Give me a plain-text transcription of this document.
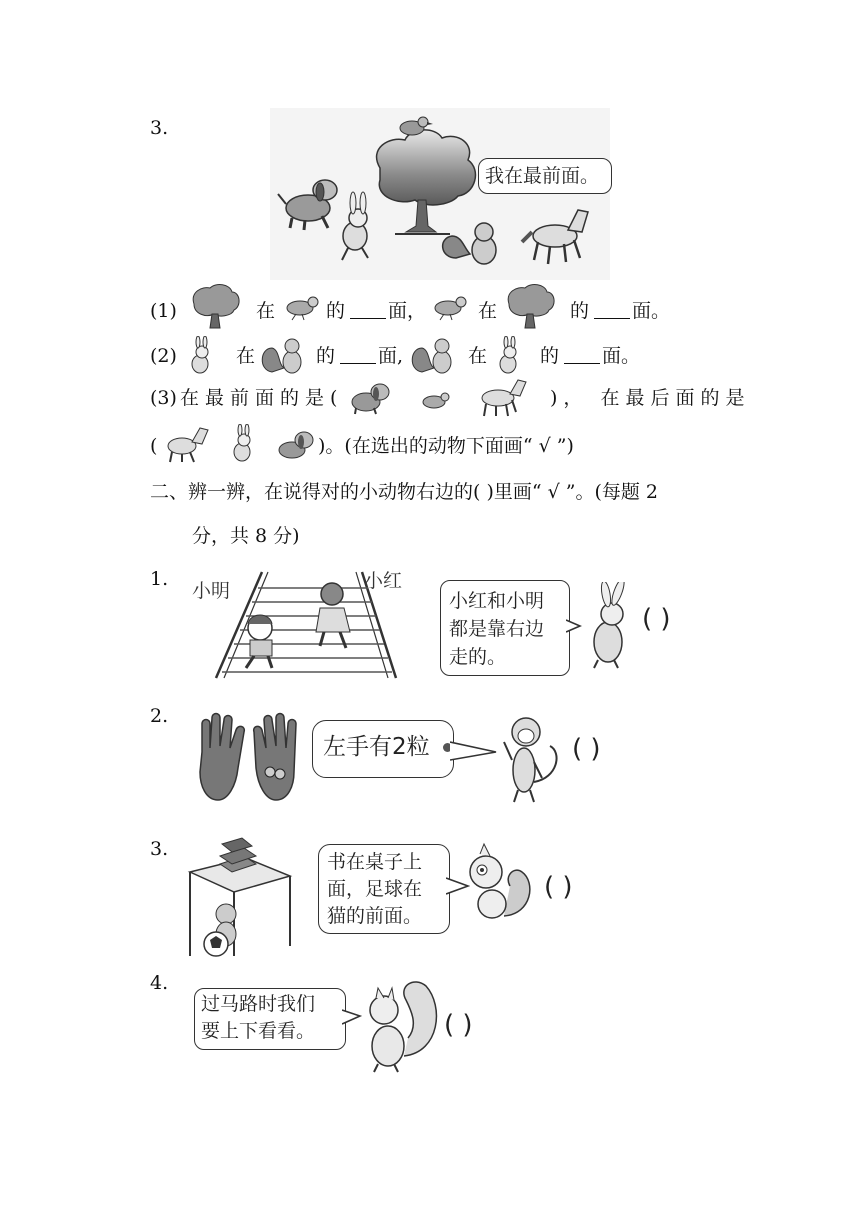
3.
我在最前面。
(1)	在	的 面，	在	的 面。
(2)	在	的 面,	在	的 面。
(3) 在最前面的是(	)， 在最后面的是
(	)。(在选出的动物下面画“ √ ”)
二、辨一辨，在说得对的小动物右边的( )里画“ √ ”。(每题 2
分，共 8 分)
1.
小明	小红
小红和小明
都是靠右边
走的。
( )
2.
左手有2粒	( )
3.
书在桌子上
面，足球在
猫的前面。
( )
4.
过马路时我们
要上下看看。	( )
